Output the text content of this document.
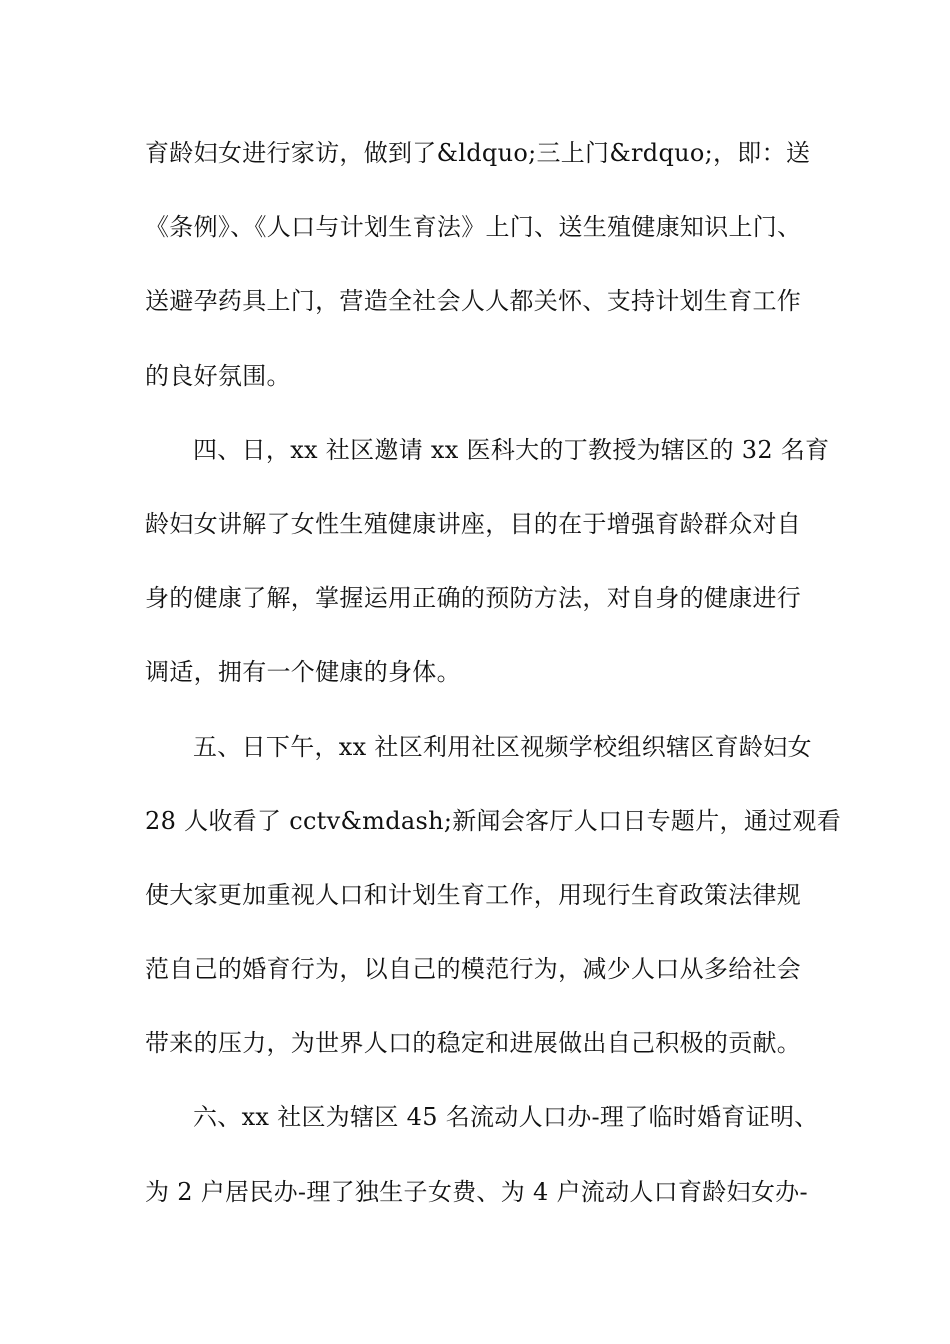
育龄妇女进行家访，做到了&ldquo;三上门&rdquo;，即：送
《条例》、《人口与计划生育法》上门、送生殖健康知识上门、
送避孕药具上门，营造全社会人人都关怀、支持计划生育工作
的良好氛围。
四、日，xx 社区邀请 xx 医科大的丁教授为辖区的 32 名育
龄妇女讲解了女性生殖健康讲座，目的在于增强育龄群众对自
身的健康了解，掌握运用正确的预防方法，对自身的健康进行
调适，拥有一个健康的身体。
五、日下午，xx 社区利用社区视频学校组织辖区育龄妇女
28 人收看了 cctv&mdash;新闻会客厅人口日专题片，通过观看
使大家更加重视人口和计划生育工作，用现行生育政策法律规
范自己的婚育行为，以自己的模范行为，减少人口从多给社会
带来的压力，为世界人口的稳定和进展做出自己积极的贡献。
六、xx 社区为辖区 45 名流动人口办-理了临时婚育证明、
为 2 户居民办-理了独生子女费、为 4 户流动人口育龄妇女办-
